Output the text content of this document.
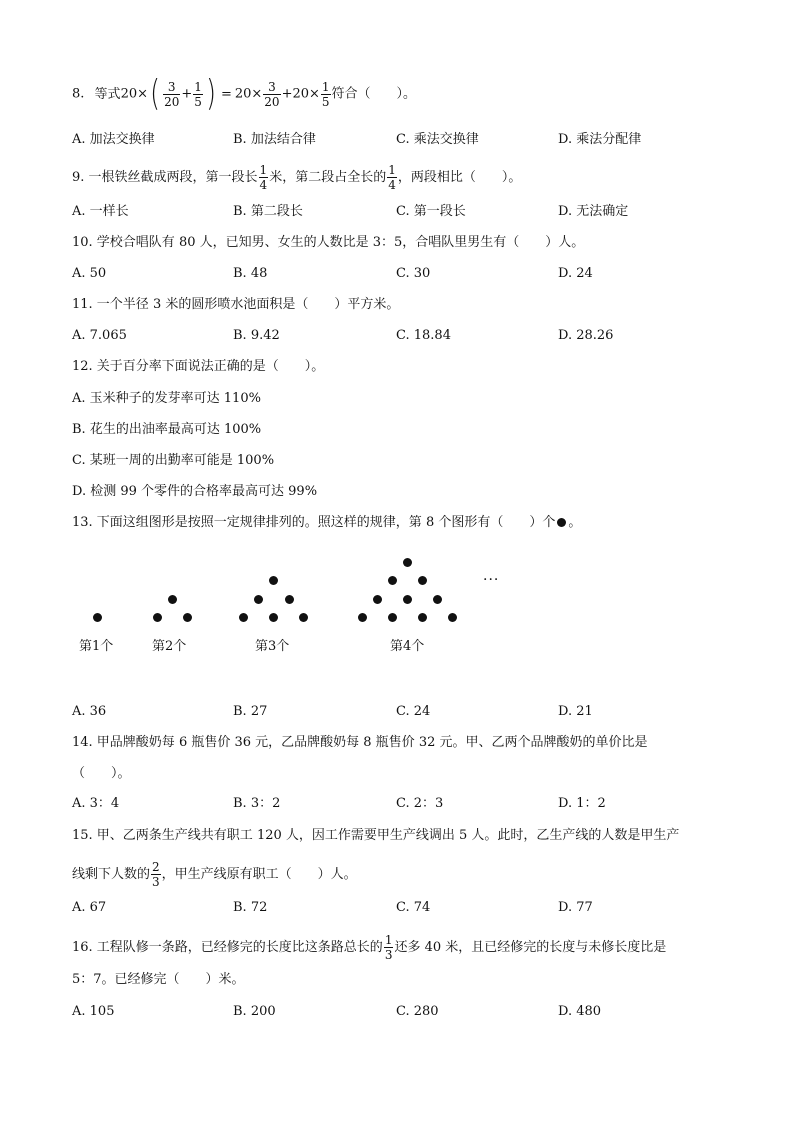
8. 等式$20\times( \frac{3}{20} + \frac{1}{5}$ ) = $20\times \frac{3}{20} +20\times \frac{1}{5}$ 符合（　　）。
A. 加法交换律	B. 加法结合律	C. 乘法交换律	D. 乘法分配律
9. 一根铁丝截成两段，第一段长 $\frac{1}{4}$ 米，第二段占全长的 $\frac{1}{4}$ ，两段相比（　　）。
A. 一样长	B. 第二段长	C. 第一段长	D. 无法确定
10. 学校合唱队有 80 人，已知男、女生的人数比是 3：5，合唱队里男生有（　　）人。
A. 50	B. 48	C. 30	D. 24
11. 一个半径 3 米的圆形喷水池面积是（　　）平方米。
A. 7.065	B. 9.42	C. 18.84	D. 28.26
12. 关于百分率下面说法正确的是（　　）。
A. 玉米种子的发芽率可达 110%
B. 花生的出油率最高可达 100%
C. 某班一周的出勤率可能是 100%
D. 检测 99 个零件的合格率最高可达 99%
13. 下面这组图形是按照一定规律排列的。照这样的规律，第 8 个图形有（　　）个 。
···
第1个	第2个	第3个	第4个
A. 36	B. 27	C. 24	D. 21
14. 甲品牌酸奶每 6 瓶售价 36 元，乙品牌酸奶每 8 瓶售价 32 元。甲、乙两个品牌酸奶的单价比是
（　　）。
A. 3：4	B. 3：2	C. 2：3	D. 1：2
15. 甲、乙两条生产线共有职工 120 人，因工作需要甲生产线调出 5 人。此时，乙生产线的人数是甲生产
线剩下人数的 $\frac{2}{3}$ ，甲生产线原有职工（　　）人。
A. 67	B. 72	C. 74	D. 77
16. 工程队修一条路，已经修完的长度比这条路总长的 $\frac{1}{3}$ 还多 40 米，且已经修完的长度与未修长度比是
5：7。已经修完（　　）米。
A. 105	B. 200	C. 280	D. 480
